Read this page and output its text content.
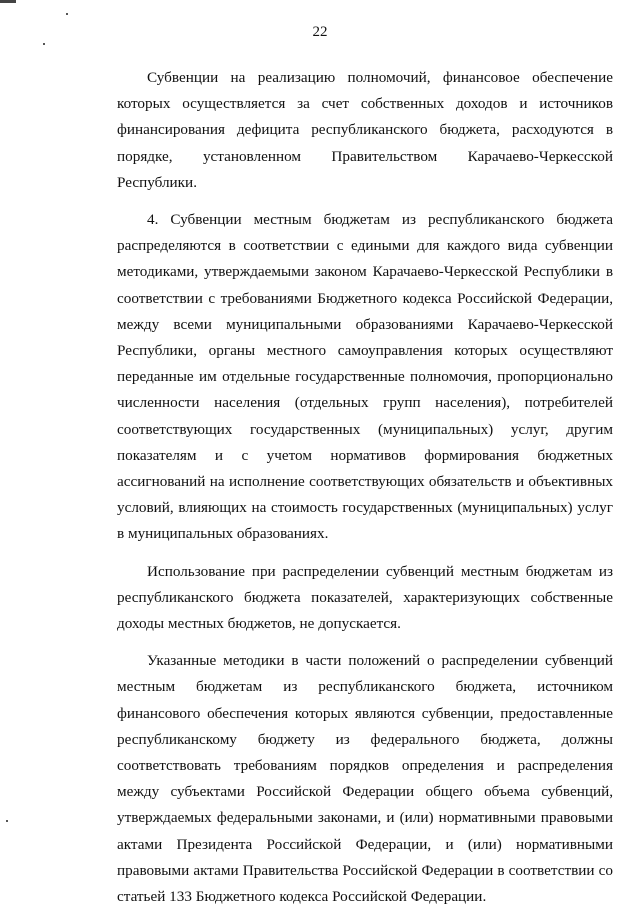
22

Субвенции на реализацию полномочий, финансовое обеспечение которых осуществляется за счет собственных доходов и источников финансирования дефицита республиканского бюджета, расходуются в порядке, установленном Правительством Карачаево-Черкесской Республики.

4. Субвенции местным бюджетам из республиканского бюджета распределяются в соответствии с едиными для каждого вида субвенции методиками, утверждаемыми законом Карачаево-Черкесской Республики в соответствии с требованиями Бюджетного кодекса Российской Федерации, между всеми муниципальными образованиями Карачаево-Черкесской Республики, органы местного самоуправления которых осуществляют переданные им отдельные государственные полномочия, пропорционально численности населения (отдельных групп населения), потребителей соответствующих государственных (муниципальных) услуг, другим показателям и с учетом нормативов формирования бюджетных ассигнований на исполнение соответствующих обязательств и объективных условий, влияющих на стоимость государственных (муниципальных) услуг в муниципальных образованиях.

Использование при распределении субвенций местным бюджетам из республиканского бюджета показателей, характеризующих собственные доходы местных бюджетов, не допускается.

Указанные методики в части положений о распределении субвенций местным бюджетам из республиканского бюджета, источником финансового обеспечения которых являются субвенции, предоставленные республиканскому бюджету из федерального бюджета, должны соответствовать требованиям порядков определения и распределения между субъектами Российской Федерации общего объема субвенций, утверждаемых федеральными законами, и (или) нормативными правовыми актами Президента Российской Федерации, и (или) нормативными правовыми актами Правительства Российской Федерации в соответствии со статьей 133 Бюджетного кодекса Российской Федерации.
